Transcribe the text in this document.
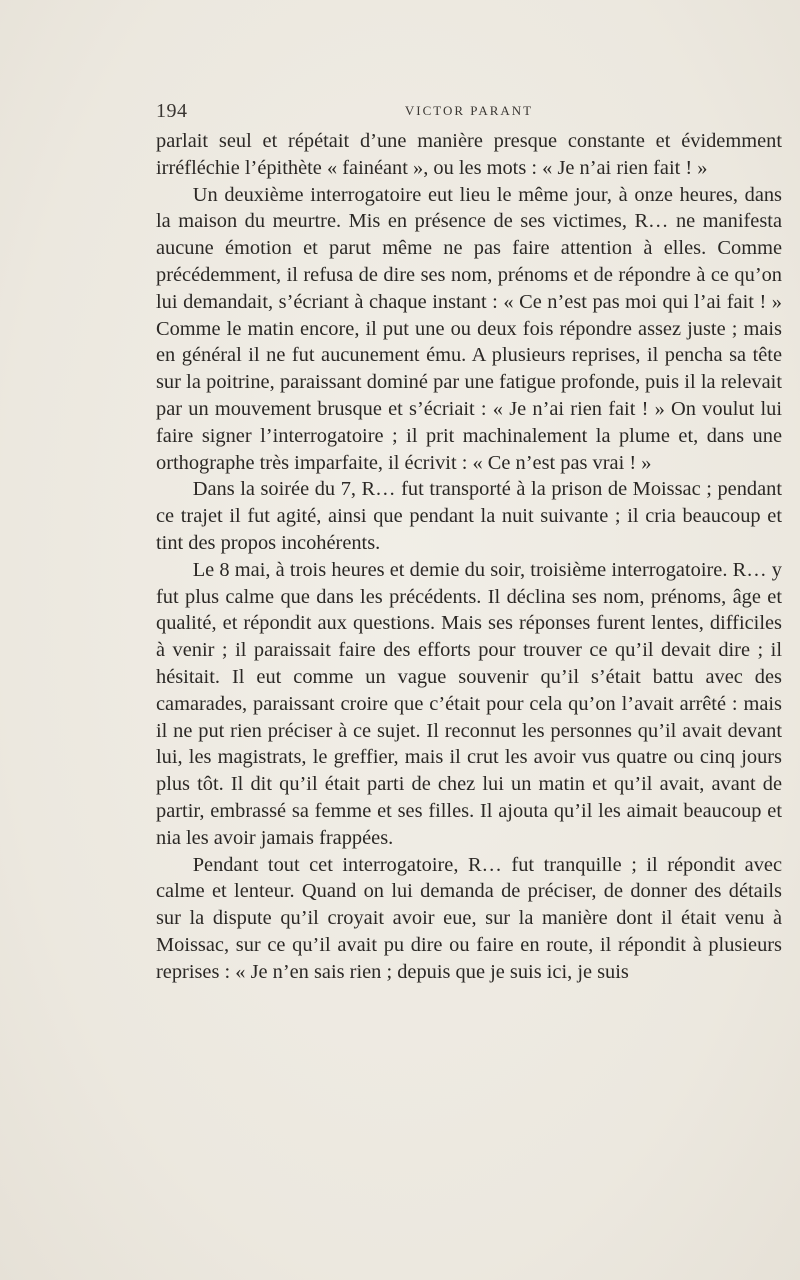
194	VICTOR PARANT

parlait seul et répétait d’une manière presque constante et évidemment irréfléchie l’épithète « fainéant », ou les mots : « Je n’ai rien fait ! »

Un deuxième interrogatoire eut lieu le même jour, à onze heures, dans la maison du meurtre. Mis en présence de ses victimes, R… ne manifesta aucune émotion et parut même ne pas faire attention à elles. Comme précédemment, il refusa de dire ses nom, prénoms et de répondre à ce qu’on lui demandait, s’écriant à chaque instant : « Ce n’est pas moi qui l’ai fait ! » Comme le matin encore, il put une ou deux fois répondre assez juste ; mais en général il ne fut aucunement ému. A plusieurs reprises, il pencha sa tête sur la poitrine, paraissant dominé par une fatigue profonde, puis il la relevait par un mouvement brusque et s’écriait : « Je n’ai rien fait ! » On voulut lui faire signer l’interrogatoire ; il prit machinalement la plume et, dans une orthographe très imparfaite, il écrivit : « Ce n’est pas vrai ! »

Dans la soirée du 7, R… fut transporté à la prison de Moissac ; pendant ce trajet il fut agité, ainsi que pendant la nuit suivante ; il cria beaucoup et tint des propos incohérents.

Le 8 mai, à trois heures et demie du soir, troisième interrogatoire. R… y fut plus calme que dans les précédents. Il déclina ses nom, prénoms, âge et qualité, et répondit aux questions. Mais ses réponses furent lentes, difficiles à venir ; il paraissait faire des efforts pour trouver ce qu’il devait dire ; il hésitait. Il eut comme un vague souvenir qu’il s’était battu avec des camarades, paraissant croire que c’était pour cela qu’on l’avait arrêté : mais il ne put rien préciser à ce sujet. Il reconnut les personnes qu’il avait devant lui, les magistrats, le greffier, mais il crut les avoir vus quatre ou cinq jours plus tôt. Il dit qu’il était parti de chez lui un matin et qu’il avait, avant de partir, embrassé sa femme et ses filles. Il ajouta qu’il les aimait beaucoup et nia les avoir jamais frappées.

Pendant tout cet interrogatoire, R… fut tranquille ; il répondit avec calme et lenteur. Quand on lui demanda de préciser, de donner des détails sur la dispute qu’il croyait avoir eue, sur la manière dont il était venu à Moissac, sur ce qu’il avait pu dire ou faire en route, il répondit à plusieurs reprises : « Je n’en sais rien ; depuis que je suis ici, je suis
